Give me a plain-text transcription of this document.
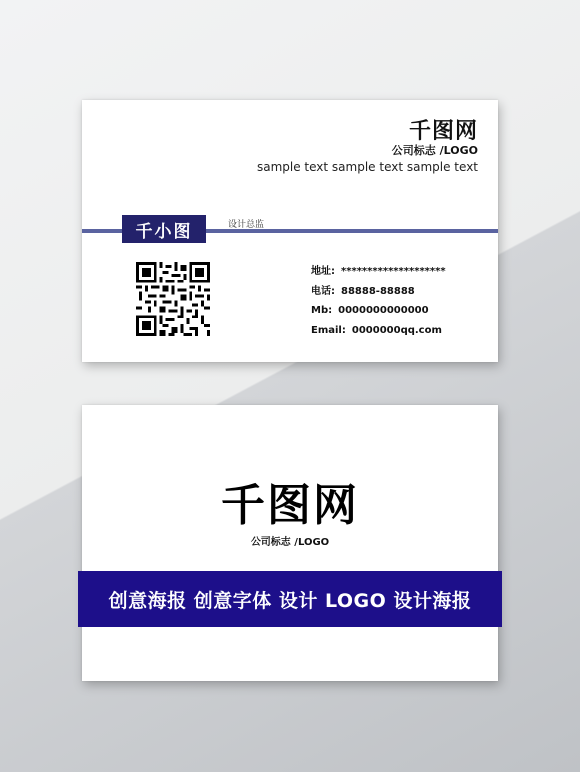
千图网
公司标志 /LOGO
sample text sample text sample text
千小图	设计总监
地址: ********************
电话: 88888-88888
Mb: 0000000000000
Email: 0000000qq.com
千图网
公司标志 /LOGO
创意海报 创意字体 设计 LOGO 设计海报
